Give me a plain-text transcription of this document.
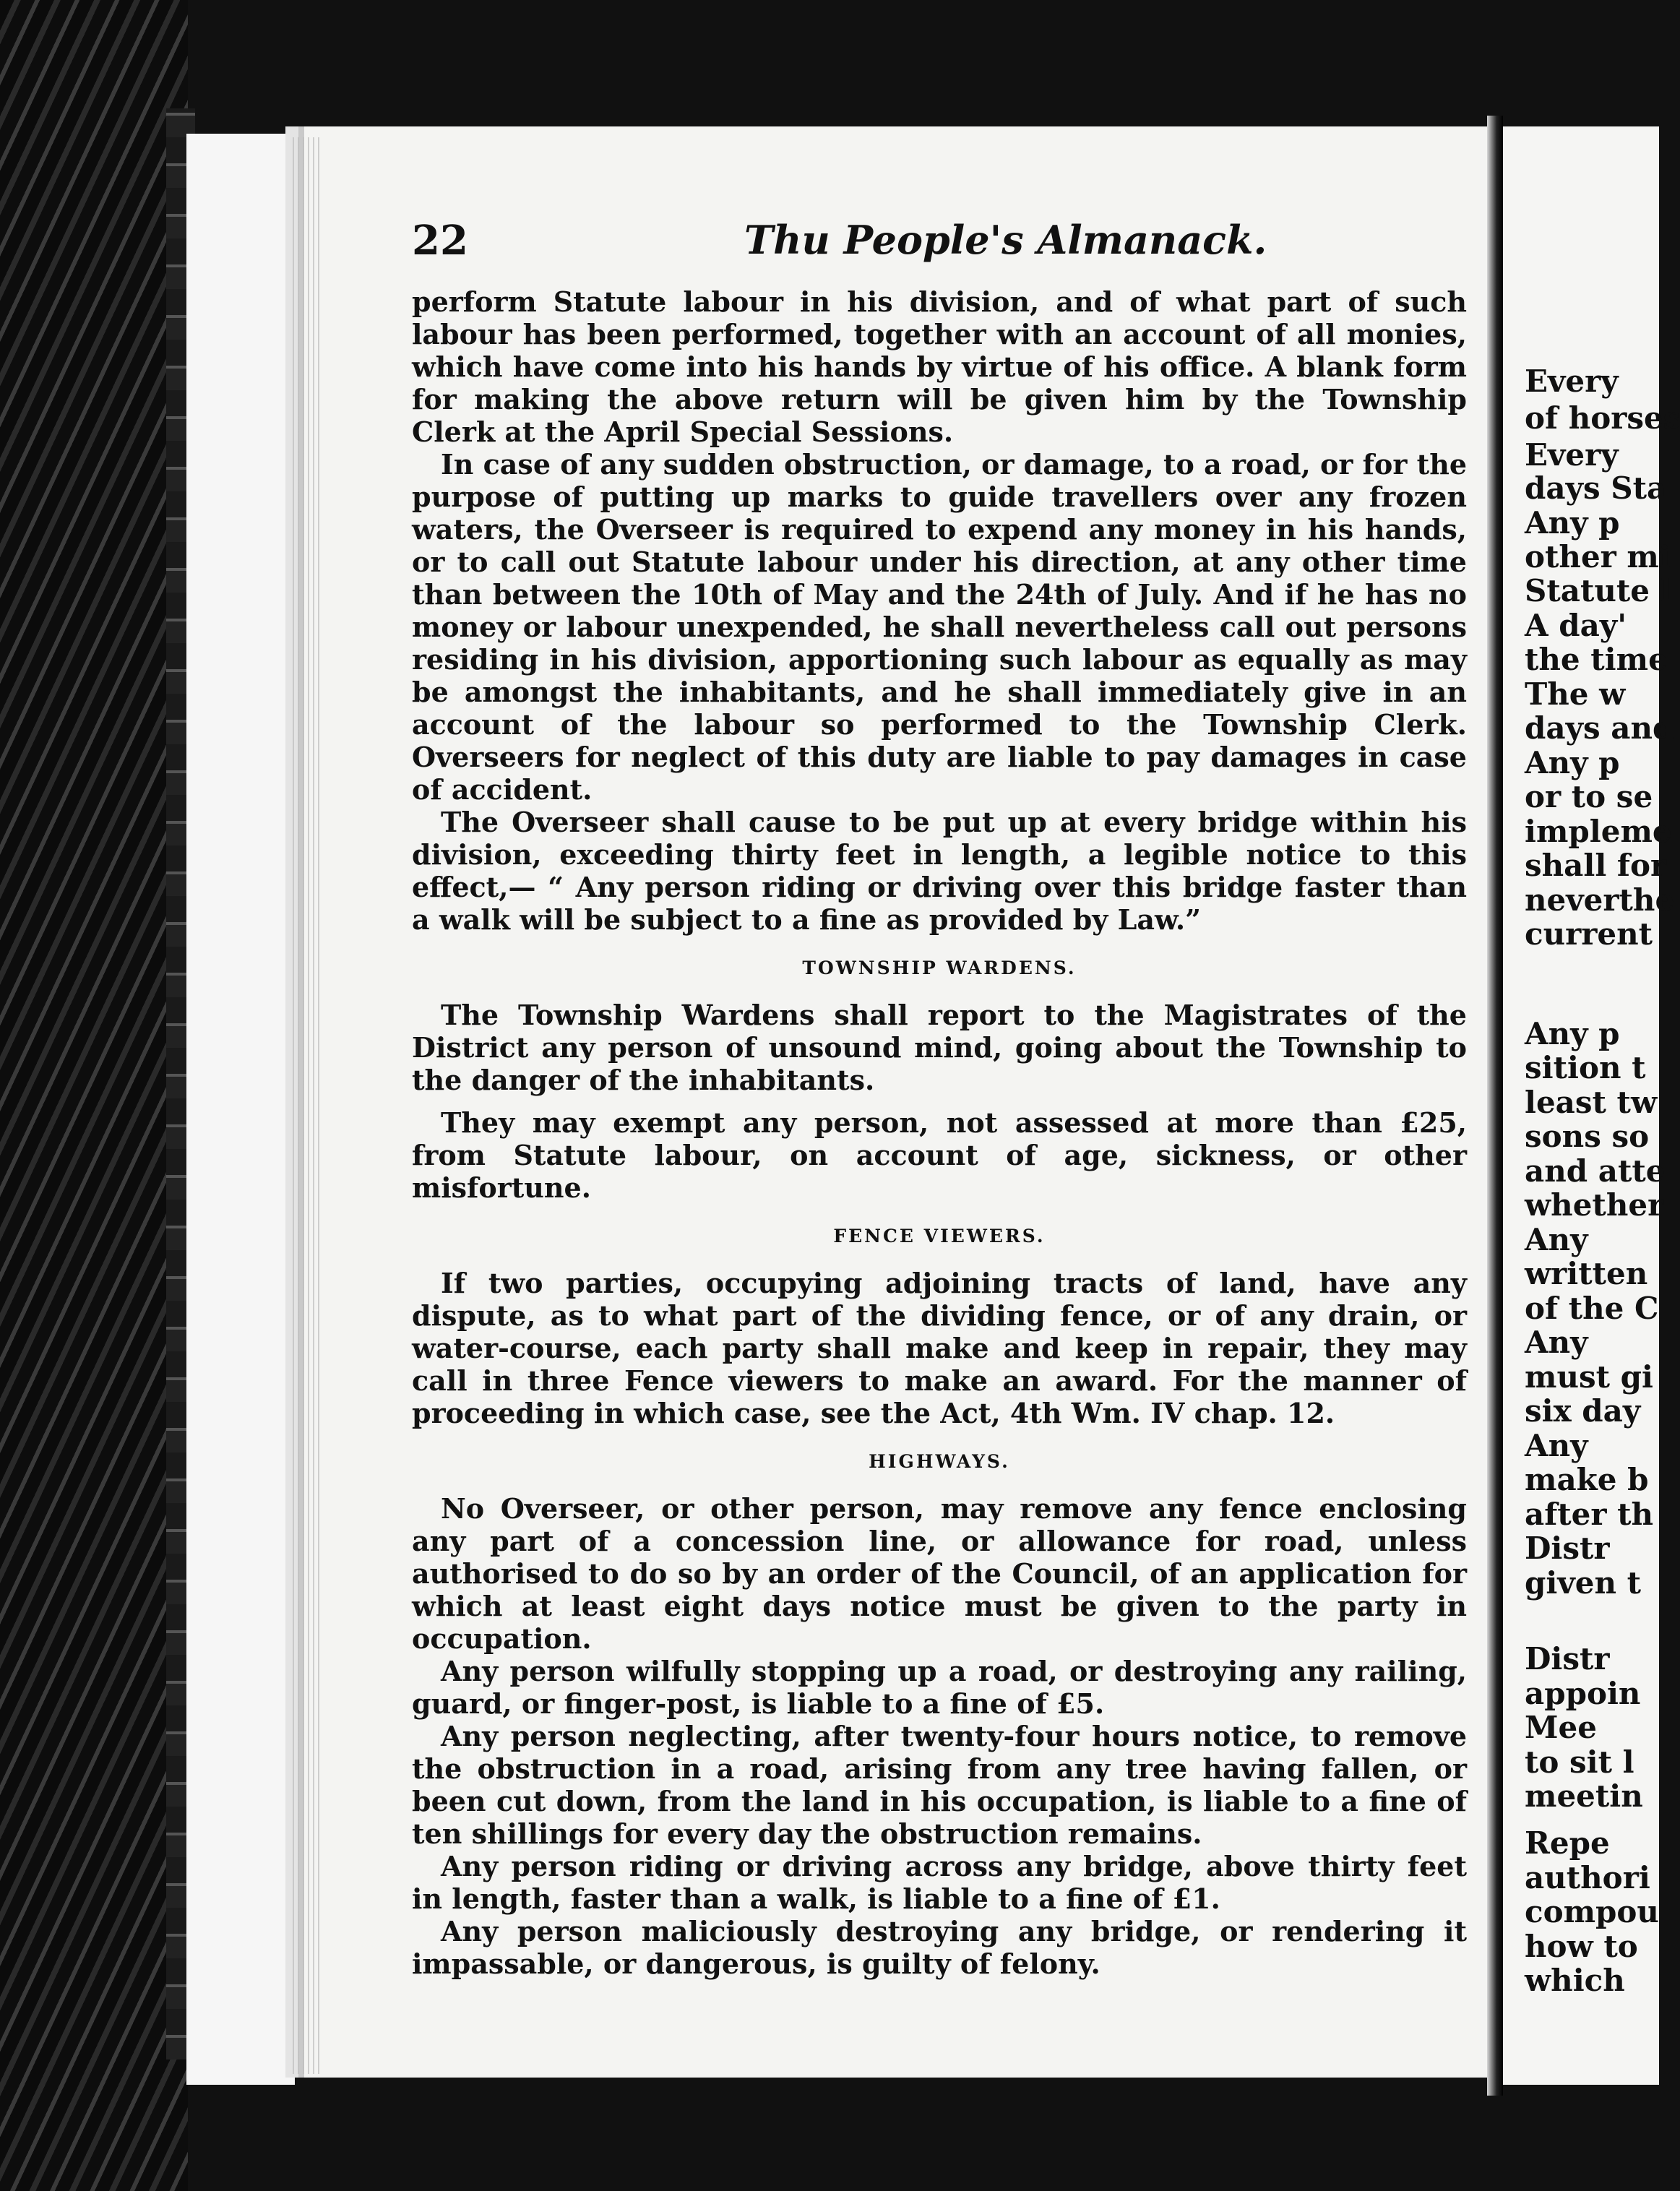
22	Thu People's Almanack.

perform Statute labour in his division, and of what part of such labour has been performed, together with an account of all monies, which have come into his hands by virtue of his office. A blank form for making the above return will be given him by the Township Clerk at the April Special Sessions.

In case of any sudden obstruction, or damage, to a road, or for the purpose of putting up marks to guide travellers over any frozen waters, the Overseer is required to expend any money in his hands, or to call out Statute labour under his direction, at any other time than between the 10th of May and the 24th of July. And if he has no money or labour unexpended, he shall nevertheless call out persons residing in his division, apportioning such labour as equally as may be amongst the inhabitants, and he shall immediately give in an account of the labour so performed to the Township Clerk. Overseers for neglect of this duty are liable to pay damages in case of accident.

The Overseer shall cause to be put up at every bridge within his division, exceeding thirty feet in length, a legible notice to this effect,— “ Any person riding or driving over this bridge faster than a walk will be subject to a fine as provided by Law.”

TOWNSHIP WARDENS.

The Township Wardens shall report to the Magistrates of the District any person of unsound mind, going about the Township to the danger of the inhabitants.

They may exempt any person, not assessed at more than £25, from Statute labour, on account of age, sickness, or other misfortune.

FENCE VIEWERS.

If two parties, occupying adjoining tracts of land, have any dispute, as to what part of the dividing fence, or of any drain, or water-course, each party shall make and keep in repair, they may call in three Fence viewers to make an award. For the manner of proceeding in which case, see the Act, 4th Wm. IV chap. 12.

HIGHWAYS.

No Overseer, or other person, may remove any fence enclosing any part of a concession line, or allowance for road, unless authorised to do so by an order of the Council, of an application for which at least eight days notice must be given to the party in occupation.

Any person wilfully stopping up a road, or destroying any railing, guard, or finger-post, is liable to a fine of £5.

Any person neglecting, after twenty-four hours notice, to remove the obstruction in a road, arising from any tree having fallen, or been cut down, from the land in his occupation, is liable to a fine of ten shillings for every day the obstruction remains.

Any person riding or driving across any bridge, above thirty feet in length, faster than a walk, is liable to a fine of £1.

Any person maliciously destroying any bridge, or rendering it impassable, or dangerous, is guilty of felony.

Every
of horses
Every
days Sta
Any p
other mi
Statute l
A day'
the time
The w
days and
Any p
or to se
impleme
shall for
neverthe
current
Any p
sition t
least tw
sons so
and atte
whether
Any
written
of the C
Any
must gi
six day
Any
make b
after th
Distr
given t
Distr
appoin
Mee
to sit l
meetin
Repe
authori
compou
how to
which
